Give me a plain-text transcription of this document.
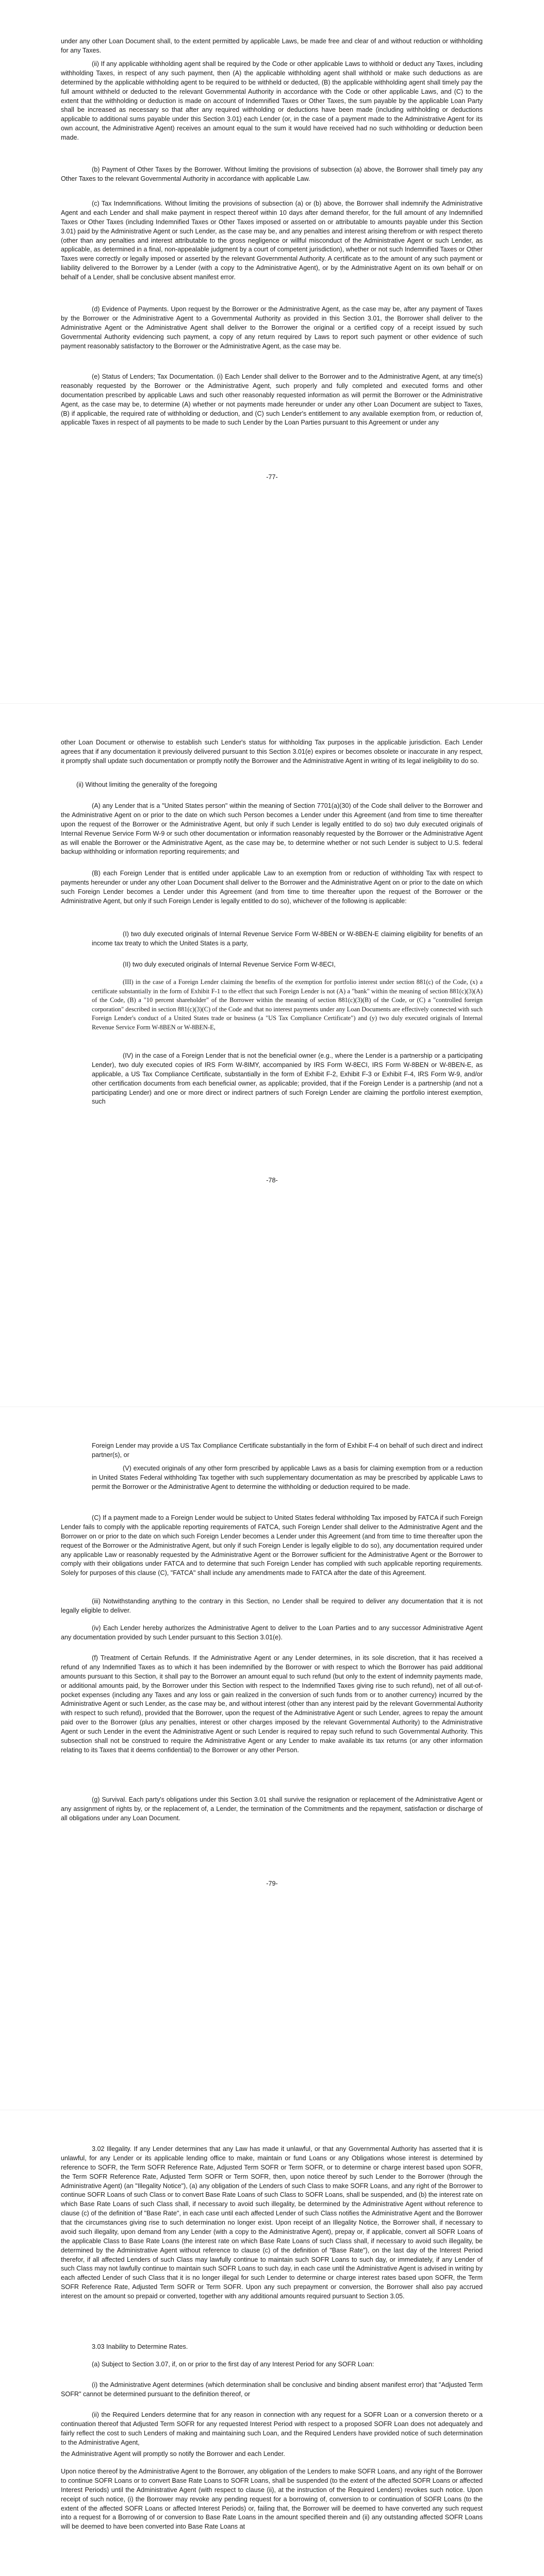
under any other Loan Document shall, to the extent permitted by applicable Laws, be made free and clear of and without reduction or withholding for any Taxes.

(ii) If any applicable withholding agent shall be required by the Code or other applicable Laws to withhold or deduct any Taxes, including withholding Taxes, in respect of any such payment, then (A) the applicable withholding agent shall withhold or make such deductions as are determined by the applicable withholding agent to be required to be withheld or deducted, (B) the applicable withholding agent shall timely pay the full amount withheld or deducted to the relevant Governmental Authority in accordance with the Code or other applicable Laws, and (C) to the extent that the withholding or deduction is made on account of Indemnified Taxes or Other Taxes, the sum payable by the applicable Loan Party shall be increased as necessary so that after any required withholding or deductions have been made (including withholding or deductions applicable to additional sums payable under this Section 3.01) each Lender (or, in the case of a payment made to the Administrative Agent for its own account, the Administrative Agent) receives an amount equal to the sum it would have received had no such withholding or deduction been made.

(b) Payment of Other Taxes by the Borrower. Without limiting the provisions of subsection (a) above, the Borrower shall timely pay any Other Taxes to the relevant Governmental Authority in accordance with applicable Law.

(c) Tax Indemnifications. Without limiting the provisions of subsection (a) or (b) above, the Borrower shall indemnify the Administrative Agent and each Lender and shall make payment in respect thereof within 10 days after demand therefor, for the full amount of any Indemnified Taxes or Other Taxes (including Indemnified Taxes or Other Taxes imposed or asserted on or attributable to amounts payable under this Section 3.01) paid by the Administrative Agent or such Lender, as the case may be, and any penalties and interest arising therefrom or with respect thereto (other than any penalties and interest attributable to the gross negligence or willful misconduct of the Administrative Agent or such Lender, as applicable, as determined in a final, non-appealable judgment by a court of competent jurisdiction), whether or not such Indemnified Taxes or Other Taxes were correctly or legally imposed or asserted by the relevant Governmental Authority. A certificate as to the amount of any such payment or liability delivered to the Borrower by a Lender (with a copy to the Administrative Agent), or by the Administrative Agent on its own behalf or on behalf of a Lender, shall be conclusive absent manifest error.

(d) Evidence of Payments. Upon request by the Borrower or the Administrative Agent, as the case may be, after any payment of Taxes by the Borrower or the Administrative Agent to a Governmental Authority as provided in this Section 3.01, the Borrower shall deliver to the Administrative Agent or the Administrative Agent shall deliver to the Borrower the original or a certified copy of a receipt issued by such Governmental Authority evidencing such payment, a copy of any return required by Laws to report such payment or other evidence of such payment reasonably satisfactory to the Borrower or the Administrative Agent, as the case may be.

(e) Status of Lenders; Tax Documentation. (i) Each Lender shall deliver to the Borrower and to the Administrative Agent, at any time(s) reasonably requested by the Borrower or the Administrative Agent, such properly and fully completed and executed forms and other documentation prescribed by applicable Laws and such other reasonably requested information as will permit the Borrower or the Administrative Agent, as the case may be, to determine (A) whether or not payments made hereunder or under any other Loan Document are subject to Taxes, (B) if applicable, the required rate of withholding or deduction, and (C) such Lender's entitlement to any available exemption from, or reduction of, applicable Taxes in respect of all payments to be made to such Lender by the Loan Parties pursuant to this Agreement or under any

-77-

other Loan Document or otherwise to establish such Lender's status for withholding Tax purposes in the applicable jurisdiction. Each Lender agrees that if any documentation it previously delivered pursuant to this Section 3.01(e) expires or becomes obsolete or inaccurate in any respect, it promptly shall update such documentation or promptly notify the Borrower and the Administrative Agent in writing of its legal ineligibility to do so.

(ii) Without limiting the generality of the foregoing

(A) any Lender that is a "United States person" within the meaning of Section 7701(a)(30) of the Code shall deliver to the Borrower and the Administrative Agent on or prior to the date on which such Person becomes a Lender under this Agreement (and from time to time thereafter upon the request of the Borrower or the Administrative Agent, but only if such Lender is legally entitled to do so) two duly executed originals of Internal Revenue Service Form W-9 or such other documentation or information reasonably requested by the Borrower or the Administrative Agent as will enable the Borrower or the Administrative Agent, as the case may be, to determine whether or not such Lender is subject to U.S. federal backup withholding or information reporting requirements; and

(B) each Foreign Lender that is entitled under applicable Law to an exemption from or reduction of withholding Tax with respect to payments hereunder or under any other Loan Document shall deliver to the Borrower and the Administrative Agent on or prior to the date on which such Foreign Lender becomes a Lender under this Agreement (and from time to time thereafter upon the request of the Borrower or the Administrative Agent, but only if such Foreign Lender is legally entitled to do so), whichever of the following is applicable:

(I) two duly executed originals of Internal Revenue Service Form W-8BEN or W-8BEN-E claiming eligibility for benefits of an income tax treaty to which the United States is a party,

(II) two duly executed originals of Internal Revenue Service Form W-8ECI,

(III) in the case of a Foreign Lender claiming the benefits of the exemption for portfolio interest under section 881(c) of the Code, (x) a certificate substantially in the form of Exhibit F-1 to the effect that such Foreign Lender is not (A) a "bank" within the meaning of section 881(c)(3)(A) of the Code, (B) a "10 percent shareholder" of the Borrower within the meaning of section 881(c)(3)(B) of the Code, or (C) a "controlled foreign corporation" described in section 881(c)(3)(C) of the Code and that no interest payments under any Loan Documents are effectively connected with such Foreign Lender's conduct of a United States trade or business (a "US Tax Compliance Certificate") and (y) two duly executed originals of Internal Revenue Service Form W-8BEN or W-8BEN-E,

(IV) in the case of a Foreign Lender that is not the beneficial owner (e.g., where the Lender is a partnership or a participating Lender), two duly executed copies of IRS Form W-8IMY, accompanied by IRS Form W-8ECI, IRS Form W-8BEN or W-8BEN-E, as applicable, a US Tax Compliance Certificate, substantially in the form of Exhibit F-2, Exhibit F-3 or Exhibit F-4, IRS Form W-9, and/or other certification documents from each beneficial owner, as applicable; provided, that if the Foreign Lender is a partnership (and not a participating Lender) and one or more direct or indirect partners of such Foreign Lender are claiming the portfolio interest exemption, such

-78-

Foreign Lender may provide a US Tax Compliance Certificate substantially in the form of Exhibit F-4 on behalf of such direct and indirect partner(s), or

(V) executed originals of any other form prescribed by applicable Laws as a basis for claiming exemption from or a reduction in United States Federal withholding Tax together with such supplementary documentation as may be prescribed by applicable Laws to permit the Borrower or the Administrative Agent to determine the withholding or deduction required to be made.

(C) If a payment made to a Foreign Lender would be subject to United States federal withholding Tax imposed by FATCA if such Foreign Lender fails to comply with the applicable reporting requirements of FATCA, such Foreign Lender shall deliver to the Administrative Agent and the Borrower on or prior to the date on which such Foreign Lender becomes a Lender under this Agreement (and from time to time thereafter upon the request of the Borrower or the Administrative Agent, but only if such Foreign Lender is legally eligible to do so), any documentation required under any applicable Law or reasonably requested by the Administrative Agent or the Borrower sufficient for the Administrative Agent or the Borrower to comply with their obligations under FATCA and to determine that such Foreign Lender has complied with such applicable reporting requirements. Solely for purposes of this clause (C), "FATCA" shall include any amendments made to FATCA after the date of this Agreement.

(iii) Notwithstanding anything to the contrary in this Section, no Lender shall be required to deliver any documentation that it is not legally eligible to deliver.

(iv) Each Lender hereby authorizes the Administrative Agent to deliver to the Loan Parties and to any successor Administrative Agent any documentation provided by such Lender pursuant to this Section 3.01(e).

(f) Treatment of Certain Refunds. If the Administrative Agent or any Lender determines, in its sole discretion, that it has received a refund of any Indemnified Taxes as to which it has been indemnified by the Borrower or with respect to which the Borrower has paid additional amounts pursuant to this Section, it shall pay to the Borrower an amount equal to such refund (but only to the extent of indemnity payments made, or additional amounts paid, by the Borrower under this Section with respect to the Indemnified Taxes giving rise to such refund), net of all out-of-pocket expenses (including any Taxes and any loss or gain realized in the conversion of such funds from or to another currency) incurred by the Administrative Agent or such Lender, as the case may be, and without interest (other than any interest paid by the relevant Governmental Authority with respect to such refund), provided that the Borrower, upon the request of the Administrative Agent or such Lender, agrees to repay the amount paid over to the Borrower (plus any penalties, interest or other charges imposed by the relevant Governmental Authority) to the Administrative Agent or such Lender in the event the Administrative Agent or such Lender is required to repay such refund to such Governmental Authority. This subsection shall not be construed to require the Administrative Agent or any Lender to make available its tax returns (or any other information relating to its Taxes that it deems confidential) to the Borrower or any other Person.

(g) Survival. Each party's obligations under this Section 3.01 shall survive the resignation or replacement of the Administrative Agent or any assignment of rights by, or the replacement of, a Lender, the termination of the Commitments and the repayment, satisfaction or discharge of all obligations under any Loan Document.

-79-

3.02 Illegality. If any Lender determines that any Law has made it unlawful, or that any Governmental Authority has asserted that it is unlawful, for any Lender or its applicable lending office to make, maintain or fund Loans or any Obligations whose interest is determined by reference to SOFR, the Term SOFR Reference Rate, Adjusted Term SOFR or Term SOFR, or to determine or charge interest based upon SOFR, the Term SOFR Reference Rate, Adjusted Term SOFR or Term SOFR, then, upon notice thereof by such Lender to the Borrower (through the Administrative Agent) (an "Illegality Notice"), (a) any obligation of the Lenders of such Class to make SOFR Loans, and any right of the Borrower to continue SOFR Loans of such Class or to convert Base Rate Loans of such Class to SOFR Loans, shall be suspended, and (b) the interest rate on which Base Rate Loans of such Class shall, if necessary to avoid such illegality, be determined by the Administrative Agent without reference to clause (c) of the definition of "Base Rate", in each case until each affected Lender of such Class notifies the Administrative Agent and the Borrower that the circumstances giving rise to such determination no longer exist. Upon receipt of an Illegality Notice, the Borrower shall, if necessary to avoid such illegality, upon demand from any Lender (with a copy to the Administrative Agent), prepay or, if applicable, convert all SOFR Loans of the applicable Class to Base Rate Loans (the interest rate on which Base Rate Loans of such Class shall, if necessary to avoid such illegality, be determined by the Administrative Agent without reference to clause (c) of the definition of "Base Rate"), on the last day of the Interest Period therefor, if all affected Lenders of such Class may lawfully continue to maintain such SOFR Loans to such day, or immediately, if any Lender of such Class may not lawfully continue to maintain such SOFR Loans to such day, in each case until the Administrative Agent is advised in writing by each affected Lender of such Class that it is no longer illegal for such Lender to determine or charge interest rates based upon SOFR, the Term SOFR Reference Rate, Adjusted Term SOFR or Term SOFR. Upon any such prepayment or conversion, the Borrower shall also pay accrued interest on the amount so prepaid or converted, together with any additional amounts required pursuant to Section 3.05.

3.03 Inability to Determine Rates.

(a) Subject to Section 3.07, if, on or prior to the first day of any Interest Period for any SOFR Loan:

(i) the Administrative Agent determines (which determination shall be conclusive and binding absent manifest error) that "Adjusted Term SOFR" cannot be determined pursuant to the definition thereof, or

(ii) the Required Lenders determine that for any reason in connection with any request for a SOFR Loan or a conversion thereto or a continuation thereof that Adjusted Term SOFR for any requested Interest Period with respect to a proposed SOFR Loan does not adequately and fairly reflect the cost to such Lenders of making and maintaining such Loan, and the Required Lenders have provided notice of such determination to the Administrative Agent,

the Administrative Agent will promptly so notify the Borrower and each Lender.

Upon notice thereof by the Administrative Agent to the Borrower, any obligation of the Lenders to make SOFR Loans, and any right of the Borrower to continue SOFR Loans or to convert Base Rate Loans to SOFR Loans, shall be suspended (to the extent of the affected SOFR Loans or affected Interest Periods) until the Administrative Agent (with respect to clause (ii), at the instruction of the Required Lenders) revokes such notice. Upon receipt of such notice, (i) the Borrower may revoke any pending request for a borrowing of, conversion to or continuation of SOFR Loans (to the extent of the affected SOFR Loans or affected Interest Periods) or, failing that, the Borrower will be deemed to have converted any such request into a request for a Borrowing of or conversion to Base Rate Loans in the amount specified therein and (ii) any outstanding affected SOFR Loans will be deemed to have been converted into Base Rate Loans at
